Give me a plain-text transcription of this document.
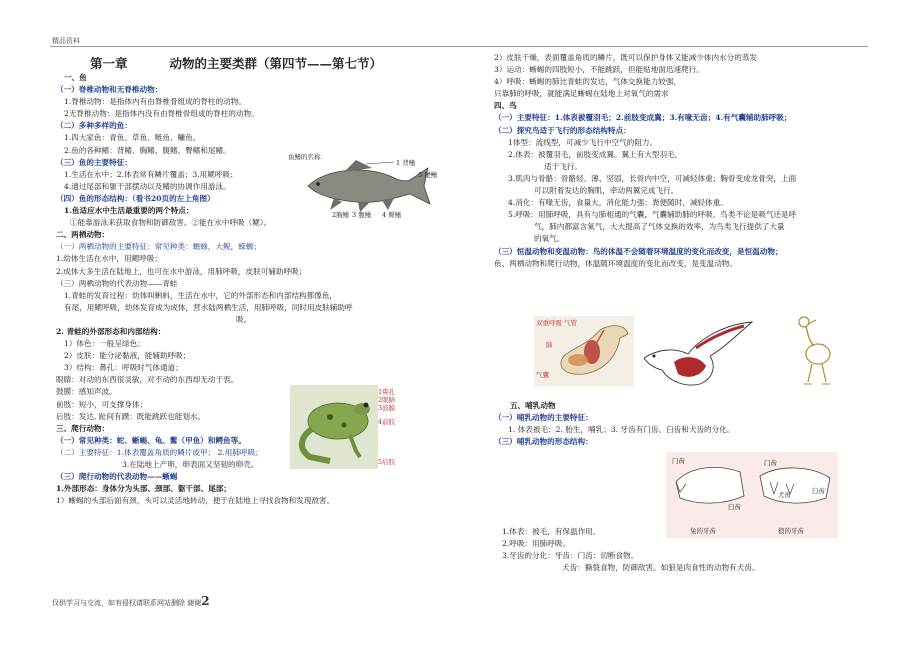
精品资料

第一章	动物的主要类群（第四节——第七节）

一、鱼

（一）脊椎动物和无脊椎动物：

1.脊椎动物：是指体内有由脊椎骨组成的脊柱的动物。

2无脊椎动物：是指体内没有由脊椎骨组成的脊柱的动物。

（二）多种多样的鱼：

1.四大家鱼：青鱼、草鱼、鲢鱼、鳙鱼。

2.鱼的各种鳍：背鳍、胸鳍、腹鳍、臀鳍和尾鳍。

（三）鱼的主要特征：

1.生活在水中；2.体表常有鳞片覆盖；3.用鳃呼吸；

4.通过尾部和躯干部摆动以及鳍的协调作用游泳。

（四）鱼的形态结构：（看书20页的左上角图）

1.鱼适应水中生活最重要的两个特点：

①能靠游泳来获取食物和防御敌害。②能在水中呼吸（鳃）。

二、两栖动物：

（一）两栖动物的主要特征：常见种类：蟾蜍，大鲵，蝾螈；

1.幼体生活在水中，用鳃呼吸；

2.成体大多生活在陆地上，也可在水中游泳，用肺呼吸，皮肤可辅助呼吸；

（三）两栖动物的代表动物——青蛙

1.青蛙的发育过程：幼体叫蝌蚪，生活在水中，它的外部形态和内部结构都像鱼，

有尾，用鳃呼吸，幼体发育成为成体，营水陆两栖生活，用肺呼吸，同时用皮肤辅助呼

吸。

2. 青蛙的外部形态和内部结构：

1）体色：一般呈绿色；

2）皮肤：能分泌黏液，能辅助呼吸；

3）结构：鼻孔：呼吸时气体通道；

眼睛：对动的东西很灵敏，对不动的东西却无动于衷。

鼓膜：感知声波。

前肢：短小，可支撑身体；

后肢：发达, 趾间有蹼：既能跳跃也能划水。

三、爬行动物：

（一）常见种类：蛇、蜥蜴、龟、鳖（甲鱼）和鳄鱼等。

（二）主要特征：1.体表覆盖角质的鳞片或甲； 2.用肺呼吸；

3.在陆地上产卵，卵表面又坚韧的卵壳。

（三）爬行动物的代表动物——蜥蜴

1.外部形态：身体分为头部、颈部、躯干部、尾部；

1）蜥蜴的头部后面有颈，头可以灵活地转动，便于在陆地上寻找食物和发现敌害。

鱼鳍的名称：
1 背鳍
5 尾鳍
2胸鳍	4 臀鳍
3 腹鳍
1鼻孔
2眼睛
3鼓膜
4前肢
5后肢

2）皮肤干燥，表面覆盖角质的鳞片，既可以保护身体又能减少体内水分的蒸发

3）运动：蜥蜴的四肢短小，不能跳跃，但能贴地面迅速爬行。

4）呼吸：蜥蜴的肺比青蛙的发达，气体交换能力较强，

只靠肺的呼吸，就能满足蜥蜴在陆地上对氧气的需求

四、鸟

（一）主要特征：1.体表被覆羽毛；2.前肢变成翼；3.有喙无齿；4.有气囊辅助肺呼吸；

（二）探究鸟适于飞行的形态结构特点：

1体型：流线型，可减少飞行中空气的阻力。

2.体表：被覆羽毛，前肢变成翼。翼上有大型羽毛，

适于飞行。

3.肌肉与骨骼：骨骼轻、薄、坚固，长骨内中空，可减轻体重；胸骨变成龙骨突，上面

可以附着发达的胸肌，牵动两翼完成飞行。

4.消化：有喙无齿，食量大，消化能力强；粪便随时，减轻体重。

5.呼吸：用肺呼吸，具有与肺相通的气囊，气囊辅助肺的呼吸。鸟类不论是吸气还是呼

气，肺内都富含氧气，大大提高了气体交换的效率，为鸟类飞行提供了大量

的氧气。

（三）恒温动物和变温动物：鸟的体温不会随着环境温度的变化而改变，是恒温动物；

鱼、两栖动物和爬行动物，体温随环境温度的变化而改变，是变温动物。

双重呼吸 气管
肺
气囊

五、哺乳动物

（一）哺乳动物的主要特征：

1. 体表被毛；2. 胎生，哺乳；3. 牙齿有门齿、臼齿和犬齿的分化。

（三）哺乳动物的形态结构：

门齿
臼齿
门齿
犬齿	臼齿
兔的牙齿	狼的牙齿

1.体表：被毛，有保温作用。

2.呼吸：用肺呼吸。

3.牙齿的分化：牙齿：门齿：切断食物。

犬齿：撕裂食物，防御敌害。如狼是肉食性的动物有犬齿。

仅供学习与交流，如有侵权请联系网站删除 谢谢2
